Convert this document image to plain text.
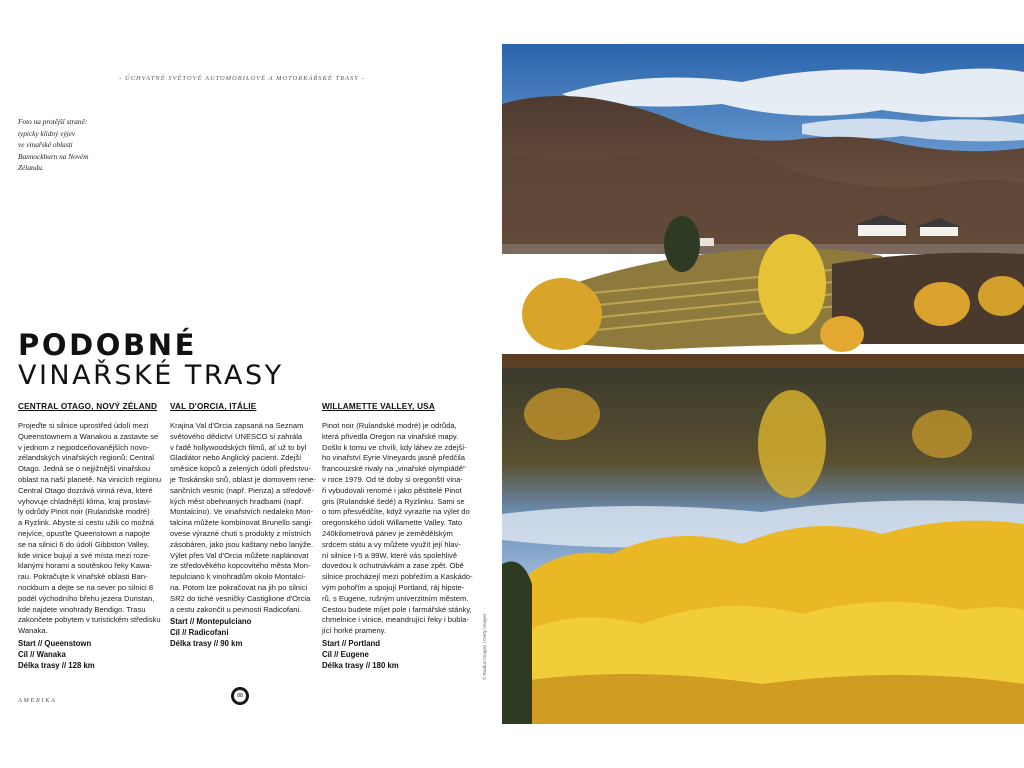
- ÚCHVATNÉ SVĚTOVÉ AUTOMOBILOVÉ A MOTORKÁŘSKÉ TRASY -
Foto na protější straně:
typicky klidný výjev
ve vinařské oblasti
Bannockburn na Novém
Zélandu.
PODOBNÉ
VINAŘSKÉ TRASY
CENTRAL OTAGO, NOVÝ ZÉLAND

Projeďte si silnice uprostřed údolí mezi

Queenstownem a Wanakou a zastavte se

v jednom z nejpodceňovanějších novo-

zélandských vinařských regionů: Central

Otago. Jedná se o nejjižnější vinařskou

oblast na naší planetě. Na vinicích regionu

Central Otago dozrává vinná réva, které

vyhovuje chladnější klima, kraj proslavi-

ly odrůdy Pinot noir (Rulandské modré)

a Ryzlink. Abyste si cestu užili co možná

nejvíce, opusťte Queenstown a napojte

se na silnici 6 do údolí Gibbston Valley,

kde vinice bujují a své místa mezi roze-

klanými horami a soutěskou řeky Kawa-

rau. Pokračujte k vinařské oblasti Ban-

nockburn a dejte se na sever po silnici 8

podél východního břehu jezera Dunstan,

kde najdete vinohrady Bendigo. Trasu

zakončete pobytem v turistickém středisku

Wanaka.

Start // Queenstown

Cíl // Wanaka

Délka trasy // 128 km

VAL D'ORCIA, ITÁLIE

Krajina Val d'Orcia zapsaná na Seznam

světového dědictví UNESCO si zahrála

v řadě hollywoodských filmů, ať už to byl

Gladiátor nebo Anglický pacient. Zdejší

směsice kopců a zelených údolí předstvu-

je Toskánsko snů, oblast je domovem rene-

sančních vesnic (např. Pienza) a středově-

kých měst obehnaných hradbami (např.

Montalcino). Ve vinařstvích nedaleko Mon-

talcina můžete kombinovat Brunello sangi-

ovese výrazné chuti s produkty z místních

zásobáren, jako jsou kaštany nebo lanýže.

Výlet přes Val d'Orcia můžete naplánovat

ze středověkého kopcovitého města Mon-

tepulciano k vinohradům okolo Montalci-

na. Potom lze pokračovat na jih po silnici

SR2 do tiché vesničky Castiglione d'Orcia

a cestu zakončit u pevnosti Radicofani.

Start // Montepulciano

Cíl // Radicofani

Délka trasy // 90 km

WILLAMETTE VALLEY, USA

Pinot noir (Rulandské modré) je odrůda,

která přivedla Oregon na vinařské mapy.

Došlo k tomu ve chvíli, kdy láhev ze zdejší-

ho vinařství Eyrie Vineyards jasně předčila

francouzské rivaly na „vinařské olympiádě"

v roce 1979. Od té doby si oregonští vina-

ři vybudovali renomé i jako pěstitelé Pinot

gris (Rulandské šedé) a Ryzlinku. Sami se

o tom přesvědčíte, když vyrazíte na výlet do

oregonského údolí Willamette Valley. Tato

240kilometrová pánev je zemědělským

srdcem státu a vy můžete využít její hlav-

ní silnice I-5 a 99W, které vás spolehlivě

dovedou k ochutnávkám a zase zpět. Obě

silnice procházejí mezi pobřežím a Kaskádo-

vým pohořím a spojují Portland, ráj hipste-

rů, s Eugene, rušným univerzitním městem.

Cestou budete míjet pole i farmářské stánky,

chmelnice i vinice, meandrující řeky i bubla-

jící horké prameny.

Start // Portland

Cíl // Eugene

Délka trasy // 180 km

AMERIKA
88
© Radius Images | Getty Images
